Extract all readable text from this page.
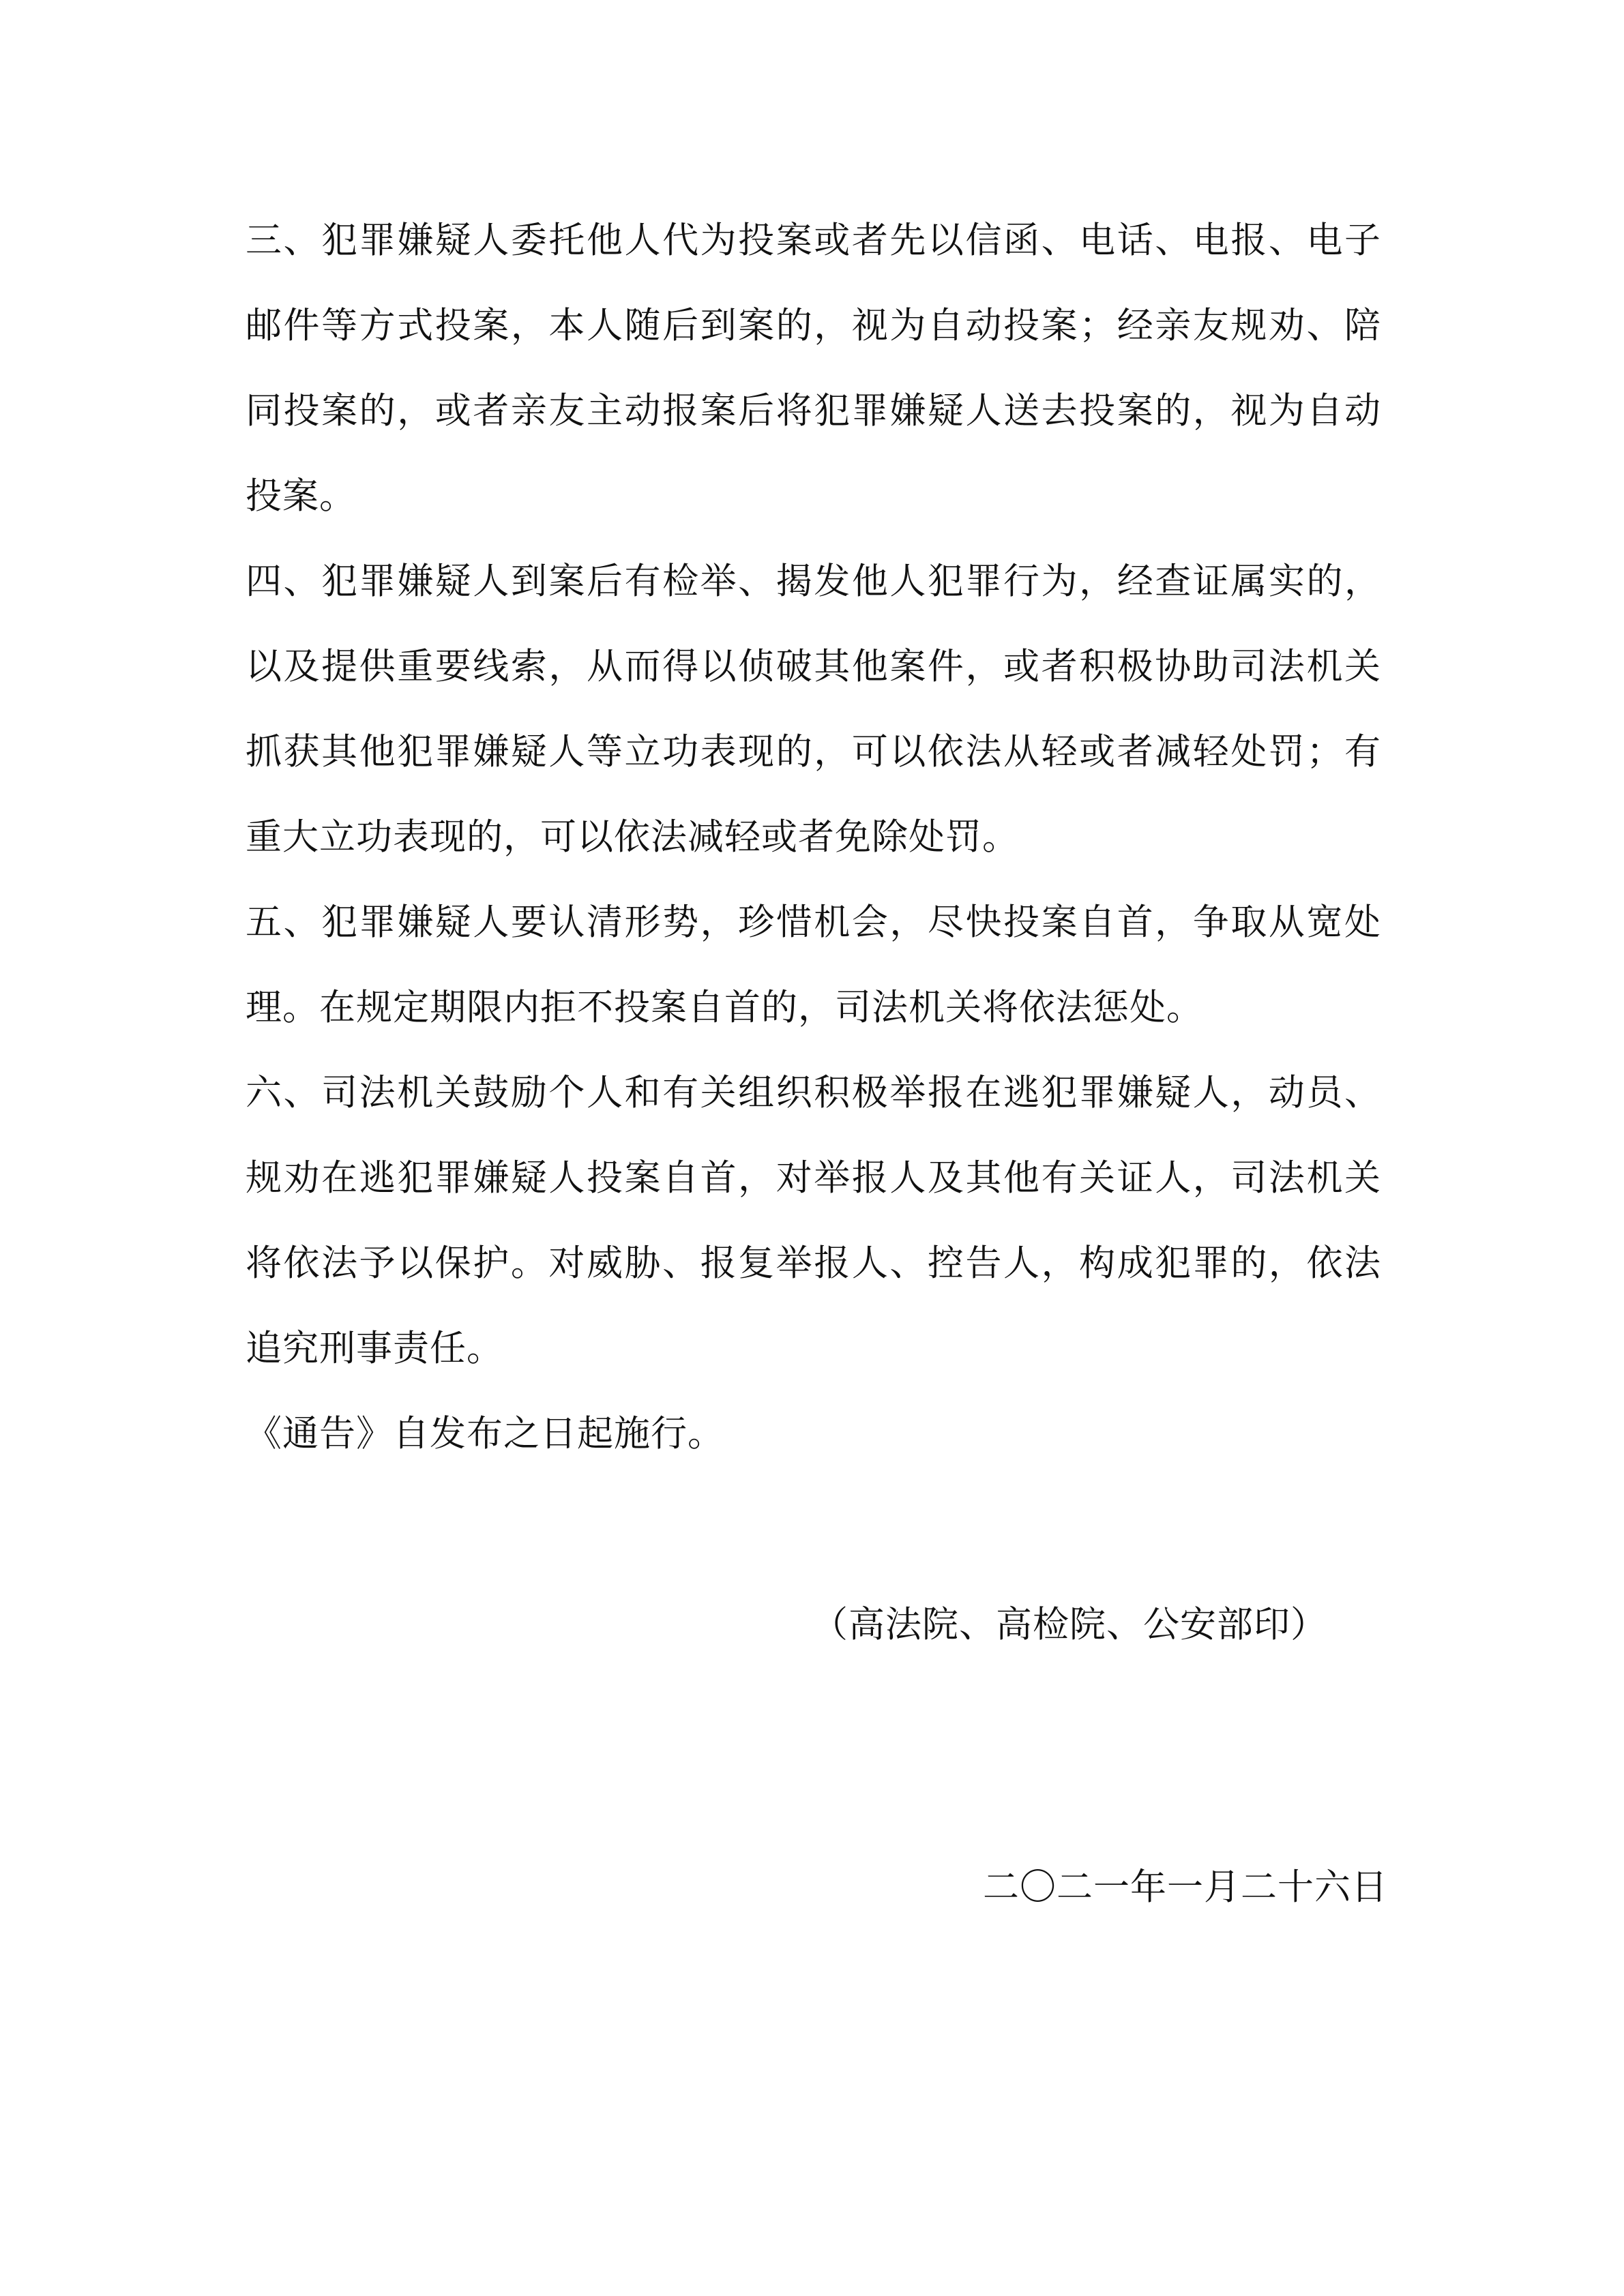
三、犯罪嫌疑人委托他人代为投案或者先以信函、电话、电报、电子邮件等方式投案，本人随后到案的，视为自动投案；经亲友规劝、陪同投案的，或者亲友主动报案后将犯罪嫌疑人送去投案的，视为自动投案。

四、犯罪嫌疑人到案后有检举、揭发他人犯罪行为，经查证属实的，以及提供重要线索，从而得以侦破其他案件，或者积极协助司法机关抓获其他犯罪嫌疑人等立功表现的，可以依法从轻或者减轻处罚；有重大立功表现的，可以依法减轻或者免除处罚。

五、犯罪嫌疑人要认清形势，珍惜机会，尽快投案自首，争取从宽处理。在规定期限内拒不投案自首的，司法机关将依法惩处。

六、司法机关鼓励个人和有关组织积极举报在逃犯罪嫌疑人，动员、规劝在逃犯罪嫌疑人投案自首，对举报人及其他有关证人，司法机关将依法予以保护。对威胁、报复举报人、控告人，构成犯罪的，依法追究刑事责任。

《通告》自发布之日起施行。

（高法院、高检院、公安部印）
二〇二一年一月二十六日
